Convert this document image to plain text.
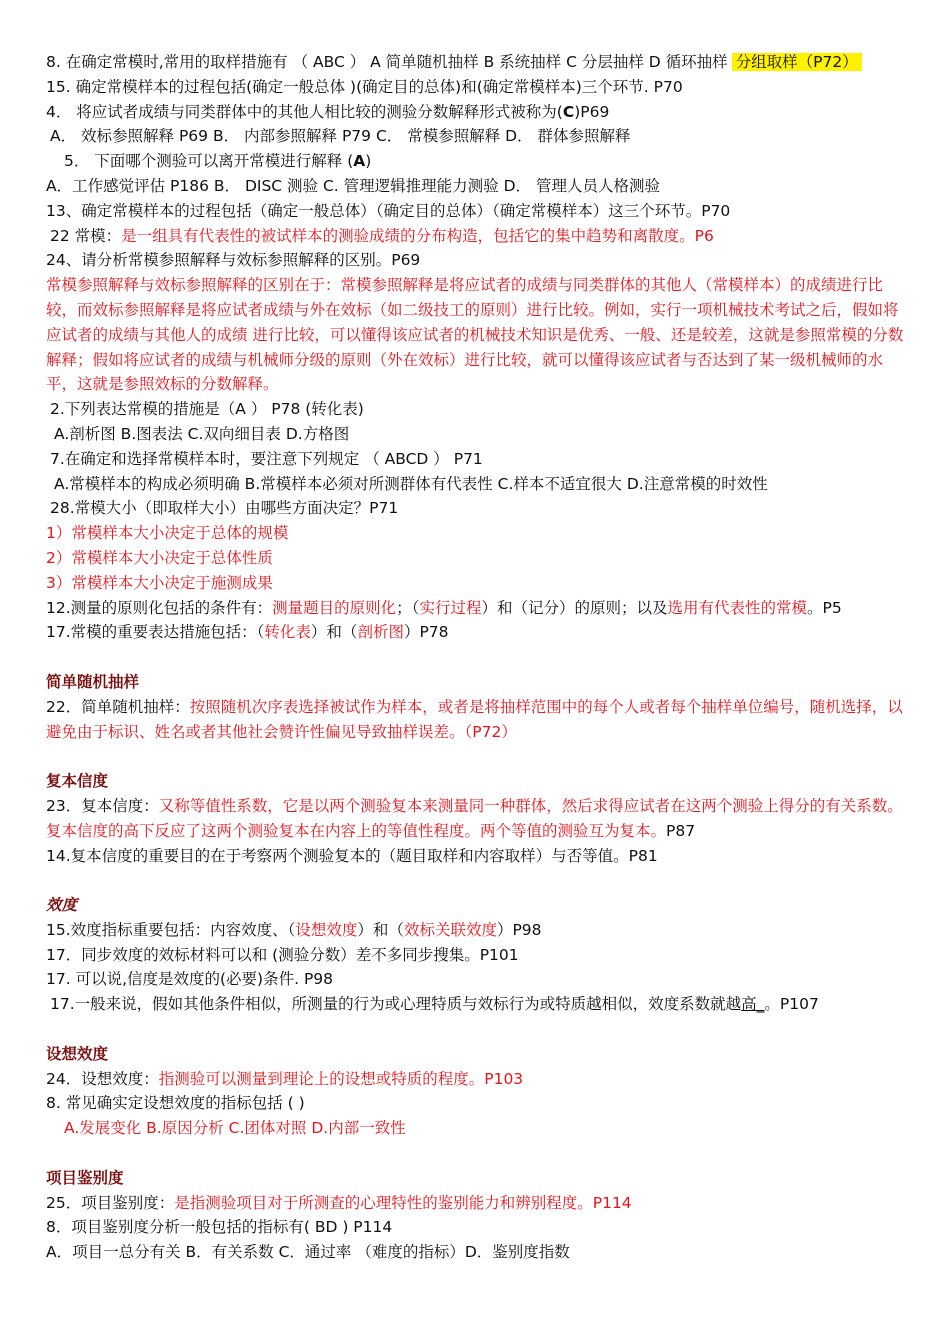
8. 在确定常模时,常用的取样措施有 （ ABC ） A 简单随机抽样 B 系统抽样 C 分层抽样 D 循环抽样 分组取样（P72）
15. 确定常模样本的过程包括(确定一般总体 )(确定目的总体)和(确定常模样本)三个环节. P70
4． 将应试者成绩与同类群体中的其他人相比较的测验分数解释形式被称为(C)P69
A． 效标参照解释 P69 B． 内部参照解释 P79 C． 常模参照解释 D． 群体参照解释
5． 下面哪个测验可以离开常模进行解释 (A)
A．工作感觉评估 P186 B． DISC 测验 C. 管理逻辑推理能力测验 D． 管理人员人格测验
13、确定常模样本的过程包括（确定一般总体）（确定目的总体）（确定常模样本）这三个环节。P70
22 常模：是一组具有代表性的被试样本的测验成绩的分布构造，包括它的集中趋势和离散度。P6
24、请分析常模参照解释与效标参照解释的区别。P69
常模参照解释与效标参照解释的区别在于：常模参照解释是将应试者的成绩与同类群体的其他人（常模样本）的成绩进行比较，而效标参照解释是将应试者成绩与外在效标（如二级技工的原则）进行比较。例如，实行一项机械技术考试之后，假如将应试者的成绩与其他人的成绩 进行比较，可以懂得该应试者的机械技术知识是优秀、一般、还是较差，这就是参照常模的分数解释；假如将应试者的成绩与机械师分级的原则（外在效标）进行比较，就可以懂得该应试者与否达到了某一级机械师的水平，这就是参照效标的分数解释。
2.下列表达常模的措施是（A ） P78 (转化表)
A.剖析图 B.图表法 C.双向细目表 D.方格图
7.在确定和选择常模样本时，要注意下列规定 （ ABCD ） P71
A.常模样本的构成必须明确 B.常模样本必须对所测群体有代表性 C.样本不适宜很大 D.注意常模的时效性
28.常模大小（即取样大小）由哪些方面决定？P71
1）常模样本大小决定于总体的规模
2）常模样本大小决定于总体性质
3）常模样本大小决定于施测成果
12.测量的原则化包括的条件有：测量题目的原则化；（实行过程）和（记分）的原则；以及选用有代表性的常模。P5
17.常模的重要表达措施包括：（转化表）和（剖析图）P78
简单随机抽样
22．简单随机抽样：按照随机次序表选择被试作为样本，或者是将抽样范围中的每个人或者每个抽样单位编号，随机选择，以避免由于标识、姓名或者其他社会赞许性偏见导致抽样误差。（P72）
复本信度
23．复本信度：又称等值性系数，它是以两个测验复本来测量同一种群体，然后求得应试者在这两个测验上得分的有关系数。复本信度的高下反应了这两个测验复本在内容上的等值性程度。两个等值的测验互为复本。P87
14.复本信度的重要目的在于考察两个测验复本的（题目取样和内容取样）与否等值。P81
效度
15.效度指标重要包括：内容效度、（设想效度）和（效标关联效度）P98
17．同步效度的效标材料可以和 (测验分数）差不多同步搜集。P101
17. 可以说,信度是效度的(必要)条件. P98
17.一般来说，假如其他条件相似，所测量的行为或心理特质与效标行为或特质越相似，效度系数就越高_。P107
设想效度
24．设想效度：指测验可以测量到理论上的设想或特质的程度。P103
8. 常见确实定设想效度的指标包括 ( )
A.发展变化 B.原因分析 C.团体对照 D.内部一致性
项目鉴别度
25．项目鉴别度：是指测验项目对于所测查的心理特性的鉴别能力和辨别程度。P114
8．项目鉴别度分析一般包括的指标有( BD ) P114
A．项目一总分有关 B．有关系数 C．通过率 （难度的指标）D．鉴别度指数
